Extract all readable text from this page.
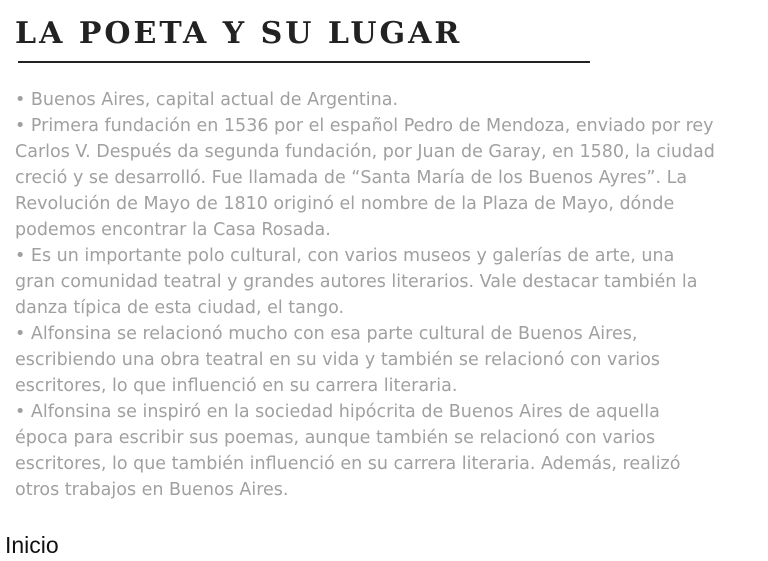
LA POETA Y SU LUGAR

• Buenos Aires, capital actual de Argentina.

• Primera fundación en 1536 por el español Pedro de Mendoza, enviado por rey Carlos V. Después da segunda fundación, por Juan de Garay, en 1580, la ciudad creció y se desarrolló. Fue llamada de “Santa María de los Buenos Ayres”. La Revolución de Mayo de 1810 originó el nombre de la Plaza de Mayo, dónde podemos encontrar la Casa Rosada.

• Es un importante polo cultural, con varios museos y galerías de arte, una gran comunidad teatral y grandes autores literarios. Vale destacar también la danza típica de esta ciudad, el tango.

• Alfonsina se relacionó mucho con esa parte cultural de Buenos Aires, escribiendo una obra teatral en su vida y también se relacionó con varios escritores, lo que influenció en su carrera literaria.

• Alfonsina se inspiró en la sociedad hipócrita de Buenos Aires de aquella época para escribir sus poemas, aunque también se relacionó con varios escritores, lo que también influenció en su carrera literaria. Además, realizó otros trabajos en Buenos Aires.

Inicio
